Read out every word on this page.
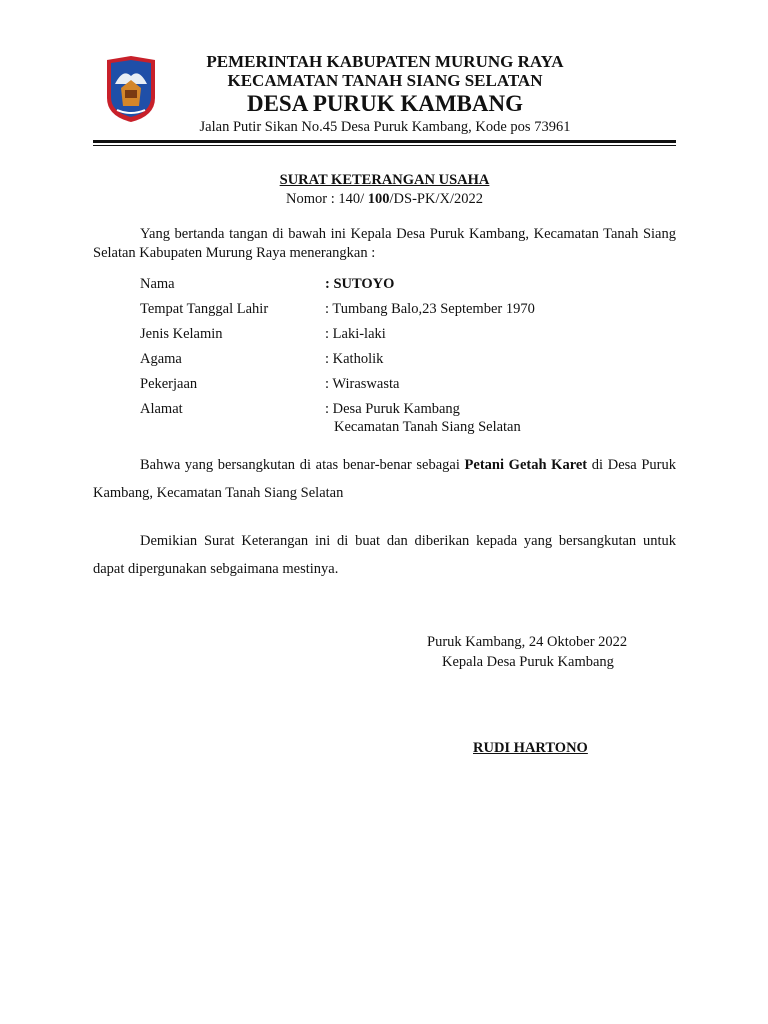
PEMERINTAH KABUPATEN MURUNG RAYA
KECAMATAN TANAH SIANG SELATAN
DESA PURUK KAMBANG
Jalan Putir Sikan No.45 Desa Puruk Kambang, Kode pos 73961
SURAT KETERANGAN USAHA
Nomor : 140/ 100/DS-PK/X/2022
Yang bertanda tangan di bawah ini Kepala Desa Puruk Kambang, Kecamatan Tanah Siang Selatan Kabupaten Murung Raya menerangkan :
Nama	: SUTOYO
Tempat Tanggal Lahir	: Tumbang Balo,23 September 1970
Jenis Kelamin	: Laki-laki
Agama	: Katholik
Pekerjaan	: Wiraswasta
Alamat	: Desa Puruk Kambang
Kecamatan Tanah Siang Selatan
Bahwa yang bersangkutan di atas benar-benar sebagai Petani Getah Karet di Desa Puruk Kambang, Kecamatan Tanah Siang Selatan
Demikian Surat Keterangan ini di buat dan diberikan kepada yang bersangkutan untuk dapat dipergunakan sebgaimana mestinya.
Puruk Kambang, 24 Oktober 2022
Kepala Desa Puruk Kambang
RUDI HARTONO
